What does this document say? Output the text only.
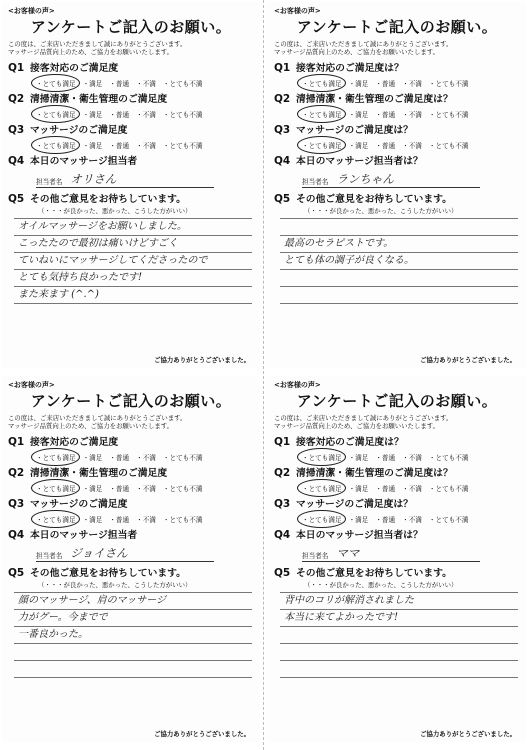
<お客様の声>
アンケートご記入のお願い。
この度は、ご来店いただきまして誠にありがとうございます。
マッサージ品質向上のため、ご協力をお願いいたします。
Q1 接客対応のご満足度
・とても満足 ・満足 ・普通 ・不満 ・とても不満
Q2 清掃清潔・衛生管理のご満足度
・とても満足 ・満足 ・普通 ・不満 ・とても不満
Q3 マッサージのご満足度
・とても満足 ・満足 ・普通 ・不満 ・とても不満
Q4 本日のマッサージ担当者
担当者名 オリさん
Q5 その他ご意見をお待ちしています。
（・・・が良かった、悪かった、こうした方がいい）
オイルマッサージをお願いしました。
こったたので最初は痛いけどすごく
ていねいにマッサージしてくださったので
とても気持ち良かったです!
また来ます (^.^)
ご協力ありがとうございました。
<お客様の声>
アンケートご記入のお願い。
この度は、ご来店いただきまして誠にありがとうございます。
マッサージ品質向上のため、ご協力をお願いいたします。
Q1 接客対応のご満足度は？
・とても満足 ・満足 ・普通 ・不満 ・とても不満
Q2 清掃清潔・衛生管理のご満足度は？
・とても満足 ・満足 ・普通 ・不満 ・とても不満
Q3 マッサージのご満足度は？
・とても満足 ・満足 ・普通 ・不満 ・とても不満
Q4 本日のマッサージ担当者は？
担当者名 ランちゃん
Q5 その他ご意見をお待ちしています。
（・・・が良かった、悪かった、こうした方がいい）
最高のセラピストです。
とても体の調子が良くなる。
ご協力ありがとうございました。
<お客様の声>
アンケートご記入のお願い。
この度は、ご来店いただきまして誠にありがとうございます。
マッサージ品質向上のため、ご協力をお願いいたします。
Q1 接客対応のご満足度
・とても満足 ・満足 ・普通 ・不満 ・とても不満
Q2 清掃清潔・衛生管理のご満足度
・とても満足 ・満足 ・普通 ・不満 ・とても不満
Q3 マッサージのご満足度
・とても満足 ・満足 ・普通 ・不満 ・とても不満
Q4 本日のマッサージ担当者
担当者名 ジョイさん
Q5 その他ご意見をお待ちしています。
（・・・が良かった、悪かった、こうした方がいい）
顔のマッサージ、肩のマッサージ
力がグー。今までで
一番良かった。
ご協力ありがとうございました。
<お客様の声>
アンケートご記入のお願い。
この度は、ご来店いただきまして誠にありがとうございます。
マッサージ品質向上のため、ご協力をお願いいたします。
Q1 接客対応のご満足度は？
・とても満足 ・満足 ・普通 ・不満 ・とても不満
Q2 清掃清潔・衛生管理のご満足度は？
・とても満足 ・満足 ・普通 ・不満 ・とても不満
Q3 マッサージのご満足度は？
・とても満足 ・満足 ・普通 ・不満 ・とても不満
Q4 本日のマッサージ担当者は？
担当者名 ママ
Q5 その他ご意見をお待ちしています。
（・・・が良かった、悪かった、こうした方がいい）
背中のコリが解消されました
本当に来てよかったです!
ご協力ありがとうございました。
